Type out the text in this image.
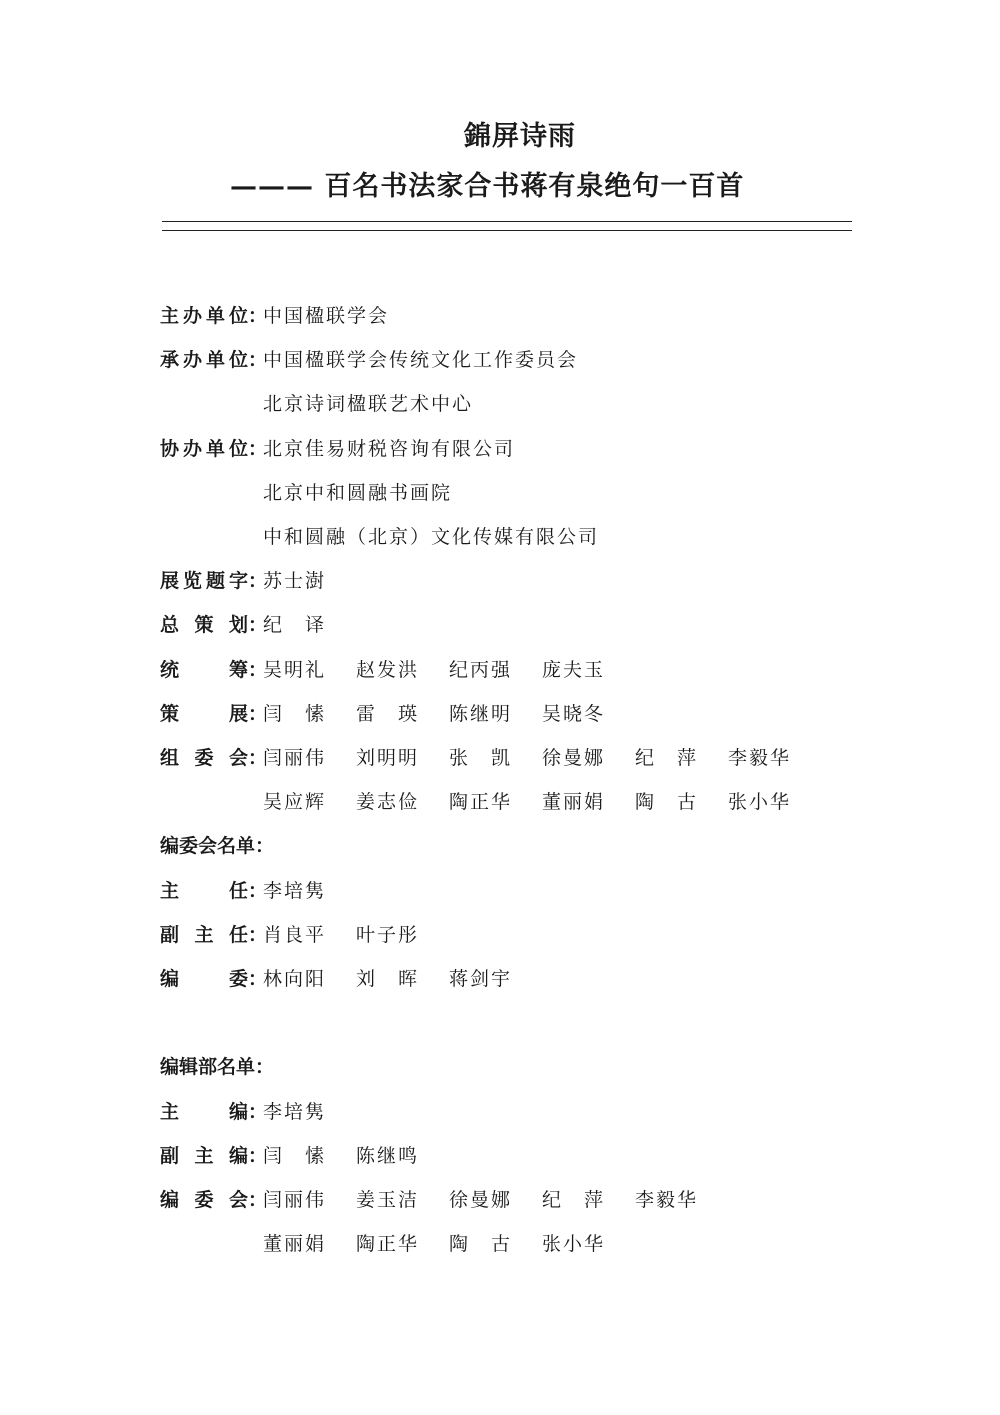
錦屏诗雨
——— 百名书法家合书蒋有泉绝句一百首
主办单位 ：
中国楹联学会
承办单位 ：
中国楹联学会传统文化工作委员会
北京诗词楹联艺术中心
协办单位 ：
北京佳易财税咨询有限公司
北京中和圆融书画院
中和圆融（北京）文化传媒有限公司
展览题字 ：
苏士澍
总策划 ：
纪　译
统筹 ：
吴明礼 赵发洪 纪丙强 庞夫玉
策展 ：
闫　愫 雷　瑛 陈继明 吴晓冬
组委会 ：
闫丽伟 刘明明 张　凯 徐曼娜 纪　萍 李毅华
吴应辉 姜志俭 陶正华 董丽娟 陶　古 张小华
编委会名单：
主任 ：
李培隽
副主任 ：
肖良平 叶子彤
编委 ：
林向阳 刘　晖 蒋剑宇
编辑部名单：
主编 ：
李培隽
副主编 ：
闫　愫 陈继鸣
编委会 ：
闫丽伟 姜玉洁 徐曼娜 纪　萍 李毅华
董丽娟 陶正华 陶　古 张小华
